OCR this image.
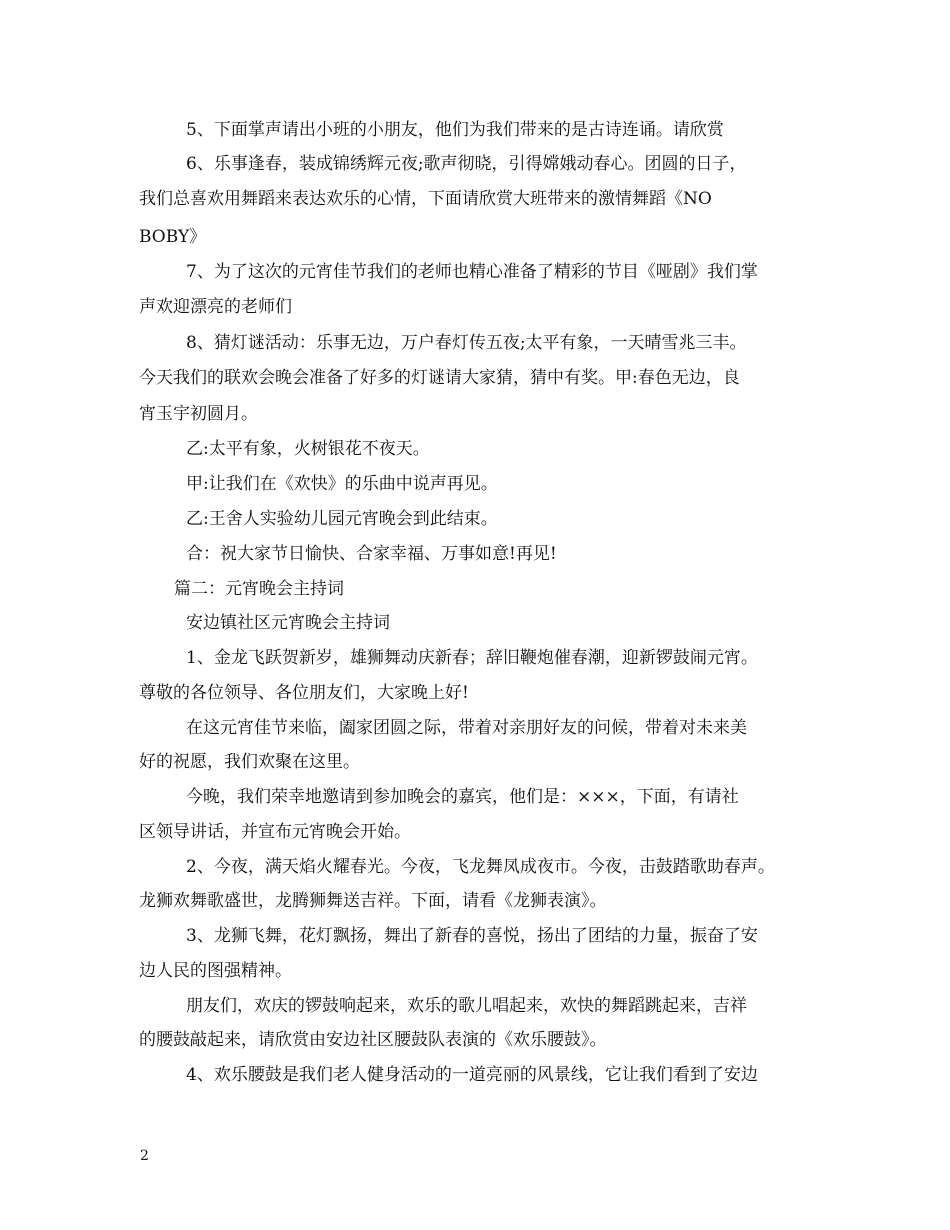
5、下面掌声请出小班的小朋友，他们为我们带来的是古诗连诵。请欣赏
6、乐事逢春，装成锦绣辉元夜;歌声彻晓，引得嫦娥动春心。团圆的日子，
我们总喜欢用舞蹈来表达欢乐的心情，下面请欣赏大班带来的激情舞蹈《NO
BOBY》
7、为了这次的元宵佳节我们的老师也精心准备了精彩的节目《哑剧》我们掌
声欢迎漂亮的老师们
8、猜灯谜活动：乐事无边，万户春灯传五夜;太平有象，一天晴雪兆三丰。
今天我们的联欢会晚会准备了好多的灯谜请大家猜，猜中有奖。甲:春色无边，良
宵玉宇初圆月。
乙:太平有象，火树银花不夜天。
甲:让我们在《欢快》的乐曲中说声再见。
乙:王舍人实验幼儿园元宵晚会到此结束。
合：祝大家节日愉快、合家幸福、万事如意!再见!
篇二：元宵晚会主持词
安边镇社区元宵晚会主持词
1、金龙飞跃贺新岁，雄狮舞动庆新春；辞旧鞭炮催春潮，迎新锣鼓闹元宵。
尊敬的各位领导、各位朋友们，大家晚上好!
在这元宵佳节来临，阖家团圆之际，带着对亲朋好友的问候，带着对未来美
好的祝愿，我们欢聚在这里。
今晚，我们荣幸地邀请到参加晚会的嘉宾，他们是：×××，下面，有请社
区领导讲话，并宣布元宵晚会开始。
2、今夜，满天焰火耀春光。今夜，飞龙舞凤成夜市。今夜，击鼓踏歌助春声。
龙狮欢舞歌盛世，龙腾狮舞送吉祥。下面，请看《龙狮表演》。
3、龙狮飞舞，花灯飘扬，舞出了新春的喜悦，扬出了团结的力量，振奋了安
边人民的图强精神。
朋友们，欢庆的锣鼓响起来，欢乐的歌儿唱起来，欢快的舞蹈跳起来，吉祥
的腰鼓敲起来，请欣赏由安边社区腰鼓队表演的《欢乐腰鼓》。
4、欢乐腰鼓是我们老人健身活动的一道亮丽的风景线，它让我们看到了安边
2
